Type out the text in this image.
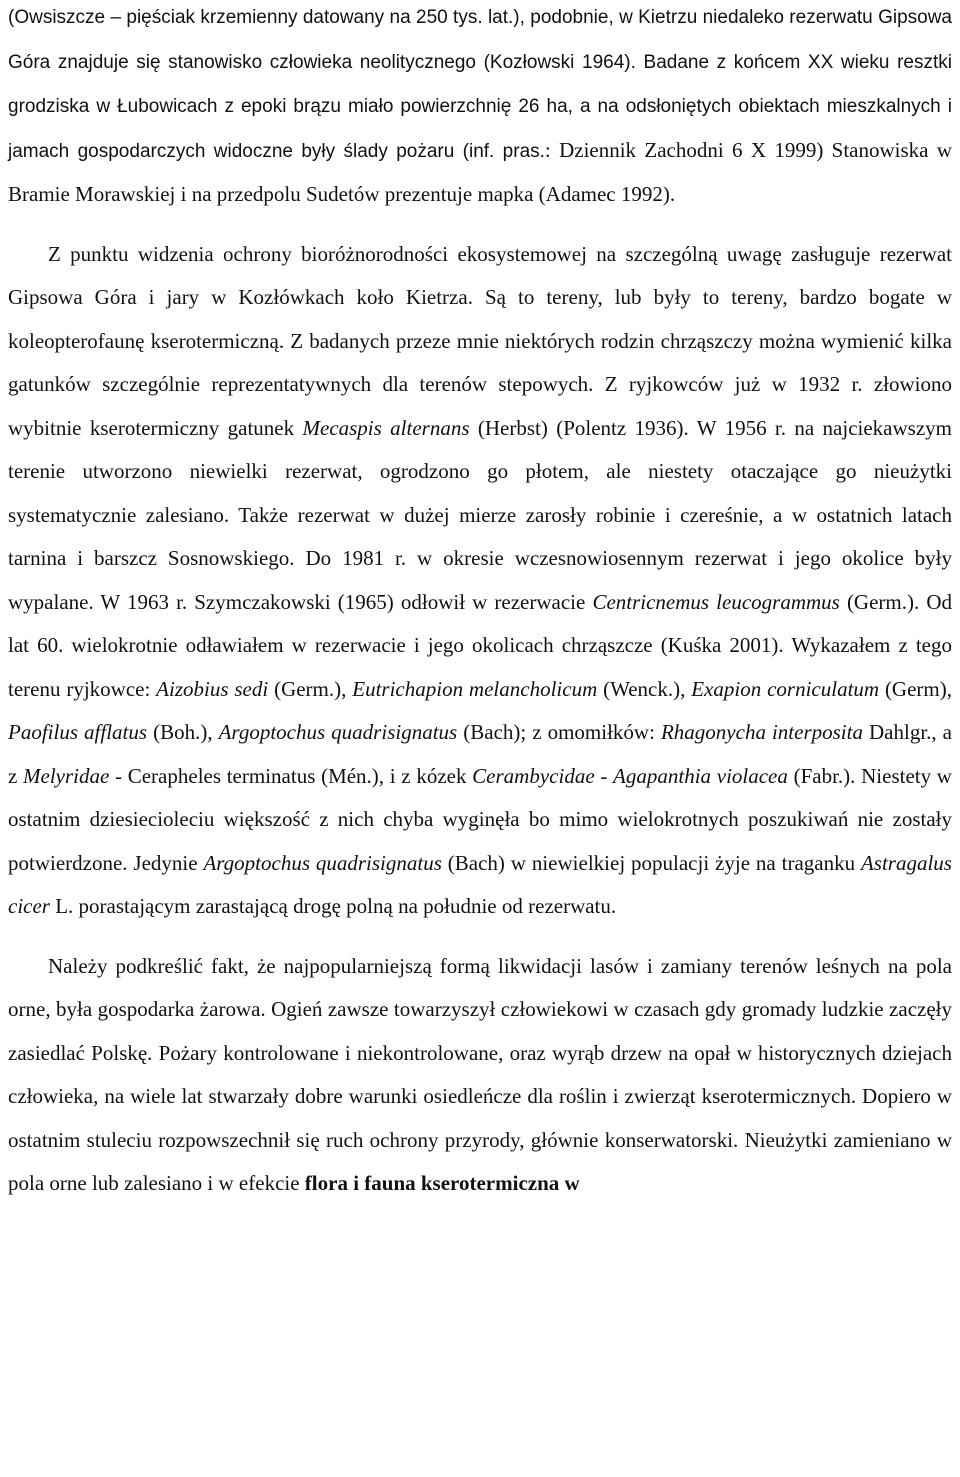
(Owsiszcze – pięściak krzemienny datowany na 250 tys. lat.), podobnie, w Kietrzu niedaleko rezerwatu Gipsowa Góra znajduje się stanowisko człowieka neolitycznego (Kozłowski 1964). Badane z końcem XX wieku resztki grodziska w Łubowicach z epoki brązu miało powierzchnię 26 ha, a na odsłoniętych obiektach mieszkalnych i jamach gospodarczych widoczne były ślady pożaru (inf. pras.: Dziennik Zachodni 6 X 1999) Stanowiska w Bramie Morawskiej i na przedpolu Sudetów prezentuje mapka (Adamec 1992).

Z punktu widzenia ochrony bioróżnorodności ekosystemowej na szczególną uwagę zasługuje rezerwat Gipsowa Góra i jary w Kozłówkach koło Kietrza. Są to tereny, lub były to tereny, bardzo bogate w koleopterofaunę kserotermiczną. Z badanych przeze mnie niektórych rodzin chrząszczy można wymienić kilka gatunków szczególnie reprezentatywnych dla terenów stepowych. Z ryjkowców już w 1932 r. złowiono wybitnie kserotermiczny gatunek Mecaspis alternans (Herbst) (Polentz 1936). W 1956 r. na najciekawszym terenie utworzono niewielki rezerwat, ogrodzono go płotem, ale niestety otaczające go nieużytki systematycznie zalesiano. Także rezerwat w dużej mierze zarosły robinie i czereśnie, a w ostatnich latach tarnina i barszcz Sosnowskiego. Do 1981 r. w okresie wczesnowiosennym rezerwat i jego okolice były wypalane. W 1963 r. Szymczakowski (1965) odłowił w rezerwacie Centricnemus leucogrammus (Germ.). Od lat 60. wielokrotnie odławiałem w rezerwacie i jego okolicach chrząszcze (Kuśka 2001). Wykazałem z tego terenu ryjkowce: Aizobius sedi (Germ.), Eutrichapion melancholicum (Wenck.), Exapion corniculatum (Germ), Paofilus afflatus (Boh.), Argoptochus quadrisignatus (Bach); z omomiłków: Rhagonycha interposita Dahlgr., a z Melyridae - Cerapheles terminatus (Mén.), i z kózek Cerambycidae - Agapanthia violacea (Fabr.). Niestety w ostatnim dziesiecioleciu większość z nich chyba wyginęła bo mimo wielokrotnych poszukiwań nie zostały potwierdzone. Jedynie Argoptochus quadrisignatus (Bach) w niewielkiej populacji żyje na traganku Astragalus cicer L. porastającym zarastającą drogę polną na południe od rezerwatu.

Należy podkreślić fakt, że najpopularniejszą formą likwidacji lasów i zamiany terenów leśnych na pola orne, była gospodarka żarowa. Ogień zawsze towarzyszył człowiekowi w czasach gdy gromady ludzkie zaczęły zasiedlać Polskę. Pożary kontrolowane i niekontrolowane, oraz wyrąb drzew na opał w historycznych dziejach człowieka, na wiele lat stwarzały dobre warunki osiedleńcze dla roślin i zwierząt kserotermicznych. Dopiero w ostatnim stuleciu rozpowszechnił się ruch ochrony przyrody, głównie konserwatorski. Nieużytki zamieniano w pola orne lub zalesiano i w efekcie flora i fauna kserotermiczna w
